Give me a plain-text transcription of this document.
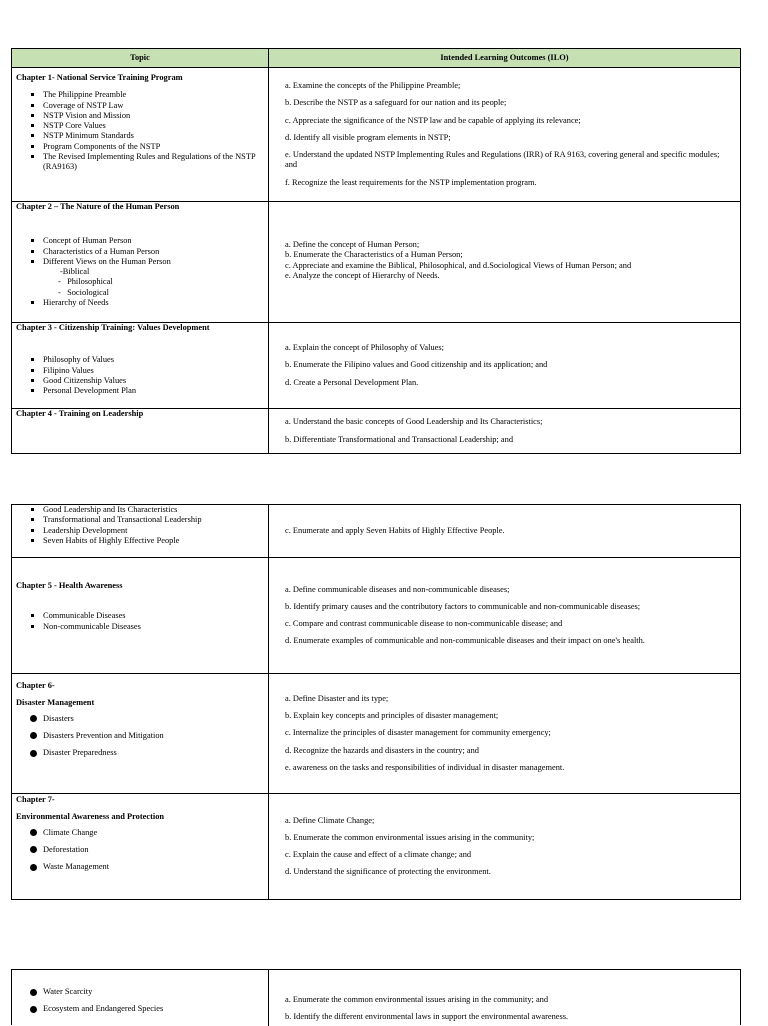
Topic	Intended Learning Outcomes (ILO)
Chapter 1- National Service Training Program
The Philippine Preamble
Coverage of NSTP Law
NSTP Vision and Mission
NSTP Core Values
NSTP Minimum Standards
Program Components of the NSTP
The Revised Implementing Rules and Regulations of the NSTP (RA9163)

a. Examine the concepts of the Philippine Preamble;

b. Describe the NSTP as a safeguard for our nation and its people;

c. Appreciate the significance of the NSTP law and be capable of applying its relevance;

d. Identify all visible program elements in NSTP;

e. Understand the updated NSTP Implementing Rules and Regulations (IRR) of RA 9163, covering general and specific modules; and

f. Recognize the least requirements for the NSTP implementation program.

Chapter 2 – The Nature of the Human Person
Concept of Human Person
Characteristics of a Human Person
Different Views on the Human Person
-Biblical
-   Philosophical
-   Sociological
Hierarchy of Needs

a. Define the concept of Human Person;

b. Enumerate the Characteristics of a Human Person;

c. Appreciate and examine the Biblical, Philosophical, and d.Sociological Views of Human Person; and

e. Analyze the concept of Hierarchy of Needs.

Chapter 3 - Citizenship Training: Values Development
Philosophy of Values
Filipino Values
Good Citizenship Values
Personal Development Plan

a. Explain the concept of Philosophy of Values;

b. Enumerate the Filipino values and Good citizenship and its application; and

d. Create a Personal Development Plan.

Chapter 4 - Training on Leadership

a. Understand the basic concepts of Good Leadership and Its Characteristics;

b. Differentiate Transformational and Transactional Leadership; and

Good Leadership and Its Characteristics
Transformational and Transactional Leadership
Leadership Development
Seven Habits of Highly Effective People

c. Enumerate and apply Seven Habits of Highly Effective People.

Chapter 5 - Health Awareness
Communicable Diseases
Non-communicable Diseases

a. Define communicable diseases and non-communicable diseases;

b. Identify primary causes and the contributory factors to communicable and non-communicable diseases;

c. Compare and contrast communicable disease to non-communicable disease; and

d. Enumerate examples of communicable and non-communicable diseases and their impact on one's health.

Chapter 6-
Disaster Management
Disasters
Disasters Prevention and Mitigation
Disaster Preparedness

a. Define Disaster and its type;

b. Explain key concepts and principles of disaster management;

c. Internalize the principles of disaster management for community emergency;

d. Recognize the hazards and disasters in the country; and

e. awareness on the tasks and responsibilities of individual in disaster management.

Chapter 7-
Environmental Awareness and Protection
Climate Change
Deforestation
Waste Management

a. Define Climate Change;

b. Enumerate the common environmental issues arising in the community;

c. Explain the cause and effect of a climate change; and

d. Understand the significance of protecting the environment.

Water Scarcity
Ecosystem and Endangered Species

a. Enumerate the common environmental issues arising in the community; and

b. Identify the different environmental laws in support the environmental awareness.
